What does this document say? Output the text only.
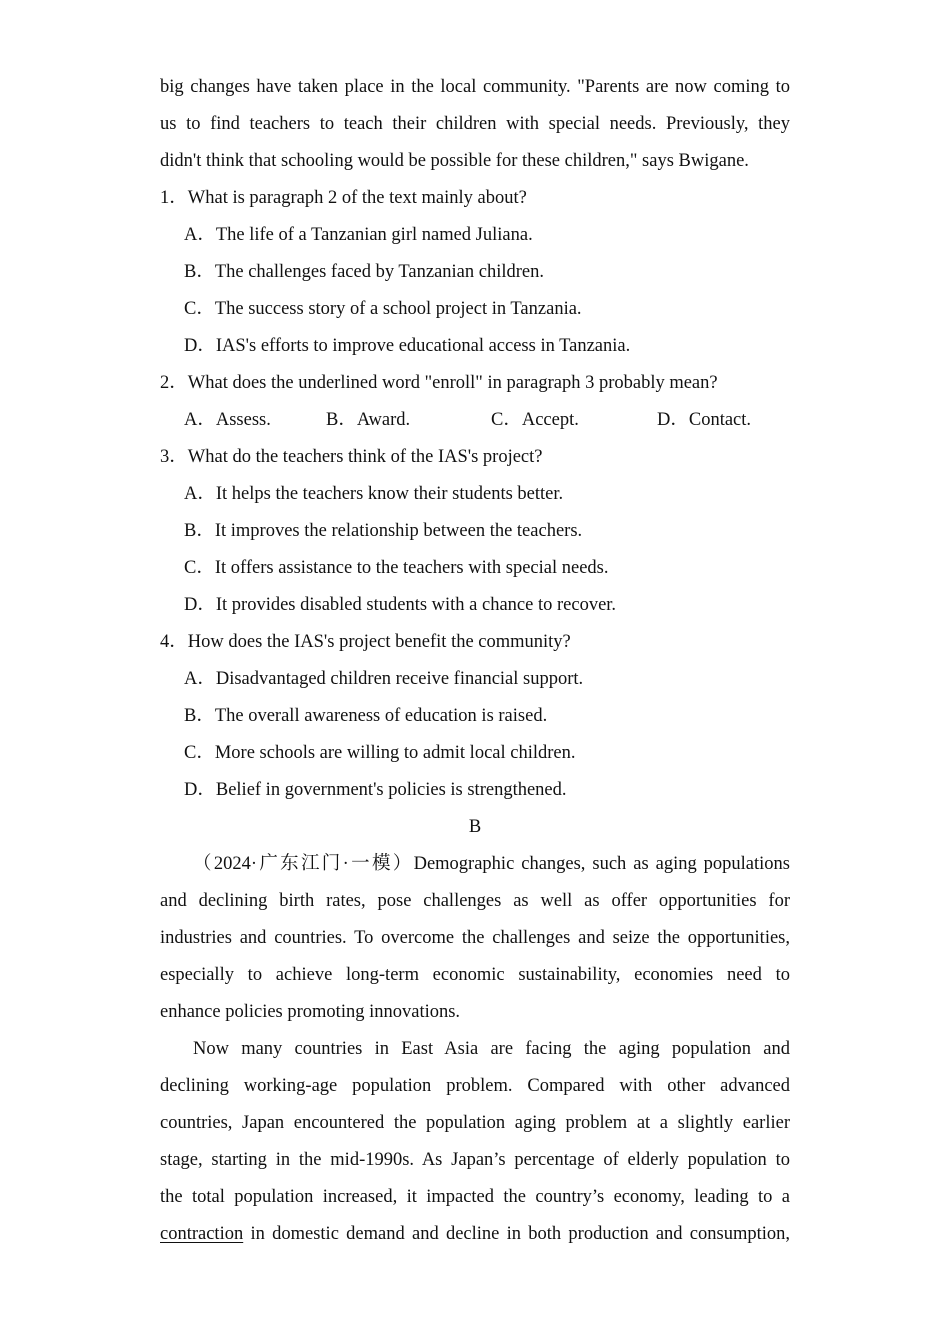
big changes have taken place in the local community. "Parents are now coming to
us to find teachers to teach their children with special needs. Previously, they
didn't think that schooling would be possible for these children," says Bwigane.
1．What is paragraph 2 of the text mainly about?
A．The life of a Tanzanian girl named Juliana.
B．The challenges faced by Tanzanian children.
C．The success story of a school project in Tanzania.
D．IAS's efforts to improve educational access in Tanzania.
2．What does the underlined word "enroll" in paragraph 3 probably mean?
A．Assess.	B．Award.	C．Accept.	D．Contact.
3．What do the teachers think of the IAS's project?
A．It helps the teachers know their students better.
B．It improves the relationship between the teachers.
C．It offers assistance to the teachers with special needs.
D．It provides disabled students with a chance to recover.
4．How does the IAS's project benefit the community?
A．Disadvantaged children receive financial support.
B．The overall awareness of education is raised.
C．More schools are willing to admit local children.
D．Belief in government's policies is strengthened.
B
（2024·广东江门·一模）Demographic changes, such as aging populations
and declining birth rates, pose challenges as well as offer opportunities for
industries and countries. To overcome the challenges and seize the opportunities,
especially to achieve long-term economic sustainability, economies need to
enhance policies promoting innovations.
Now many countries in East Asia are facing the aging population and
declining working-age population problem. Compared with other advanced
countries, Japan encountered the population aging problem at a slightly earlier
stage, starting in the mid-1990s. As Japan’s percentage of elderly population to
the total population increased, it impacted the country’s economy, leading to a
contraction in domestic demand and decline in both production and consumption,
